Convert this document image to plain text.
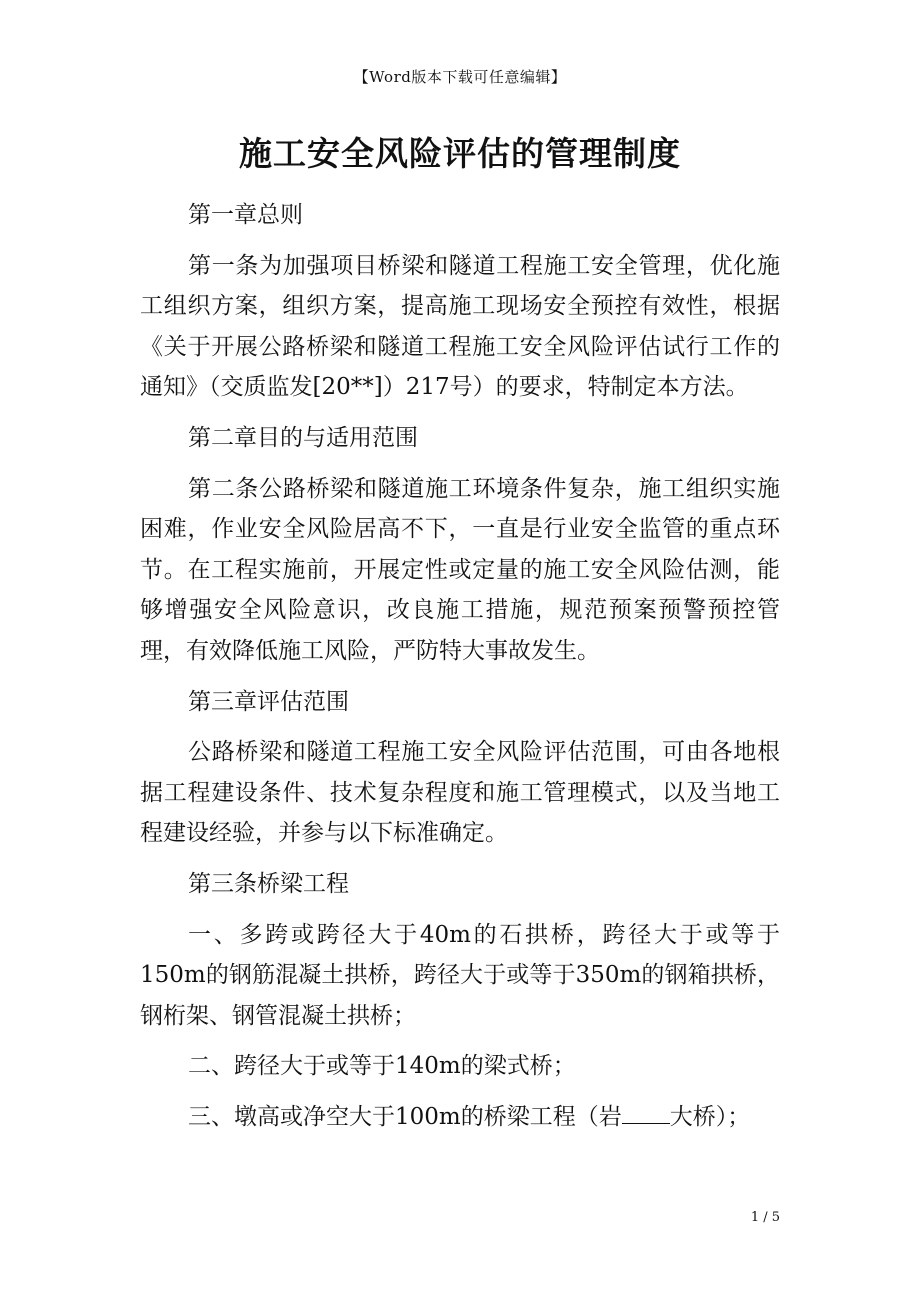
【Word版本下载可任意编辑】
施工安全风险评估的管理制度

第一章总则

第一条为加强项目桥梁和隧道工程施工安全管理，优化施工组织方案，组织方案，提高施工现场安全预控有效性，根据《关于开展公路桥梁和隧道工程施工安全风险评估试行工作的通知》（交质监发[20**]）217号）的要求，特制定本方法。

第二章目的与适用范围

第二条公路桥梁和隧道施工环境条件复杂，施工组织实施困难，作业安全风险居高不下，一直是行业安全监管的重点环节。在工程实施前，开展定性或定量的施工安全风险估测，能够增强安全风险意识，改良施工措施，规范预案预警预控管理，有效降低施工风险，严防特大事故发生。

第三章评估范围

公路桥梁和隧道工程施工安全风险评估范围，可由各地根据工程建设条件、技术复杂程度和施工管理模式，以及当地工程建设经验，并参与以下标准确定。

第三条桥梁工程

一、多跨或跨径大于40m的石拱桥，跨径大于或等于150m的钢筋混凝土拱桥，跨径大于或等于350m的钢箱拱桥，钢桁架、钢管混凝土拱桥；

二、跨径大于或等于140m的梁式桥；

三、墩高或净空大于100m的桥梁工程（岩 大桥）；

1 / 5
